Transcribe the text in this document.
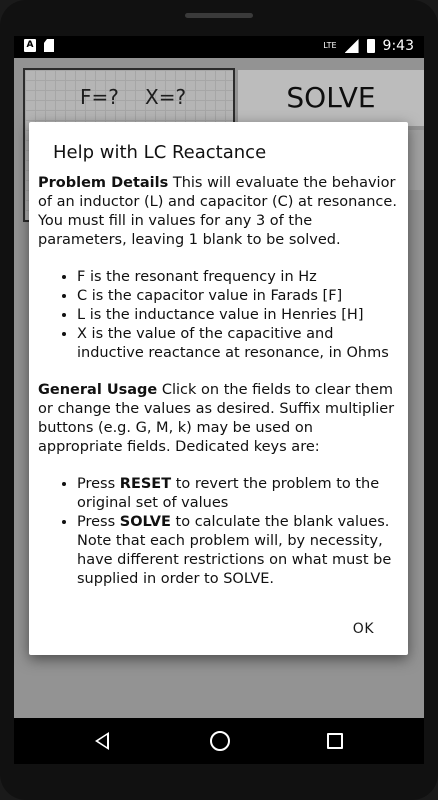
A	LTE	9:43
F=? X=?	SOLVE
Help with LC Reactance

Problem Details This will evaluate the behavior of an inductor (L) and capacitor (C) at resonance. You must fill in values for any 3 of the parameters, leaving 1 blank to be solved.

• F is the resonant frequency in Hz
• C is the capacitor value in Farads [F]
• L is the inductance value in Henries [H]
• X is the value of the capacitive and inductive reactance at resonance, in Ohms

General Usage Click on the fields to clear them or change the values as desired. Suffix multiplier buttons (e.g. G, M, k) may be used on appropriate fields. Dedicated keys are:

• Press RESET to revert the problem to the original set of values
• Press SOLVE to calculate the blank values. Note that each problem will, by necessity, have different restrictions on what must be supplied in order to SOLVE.
OK
